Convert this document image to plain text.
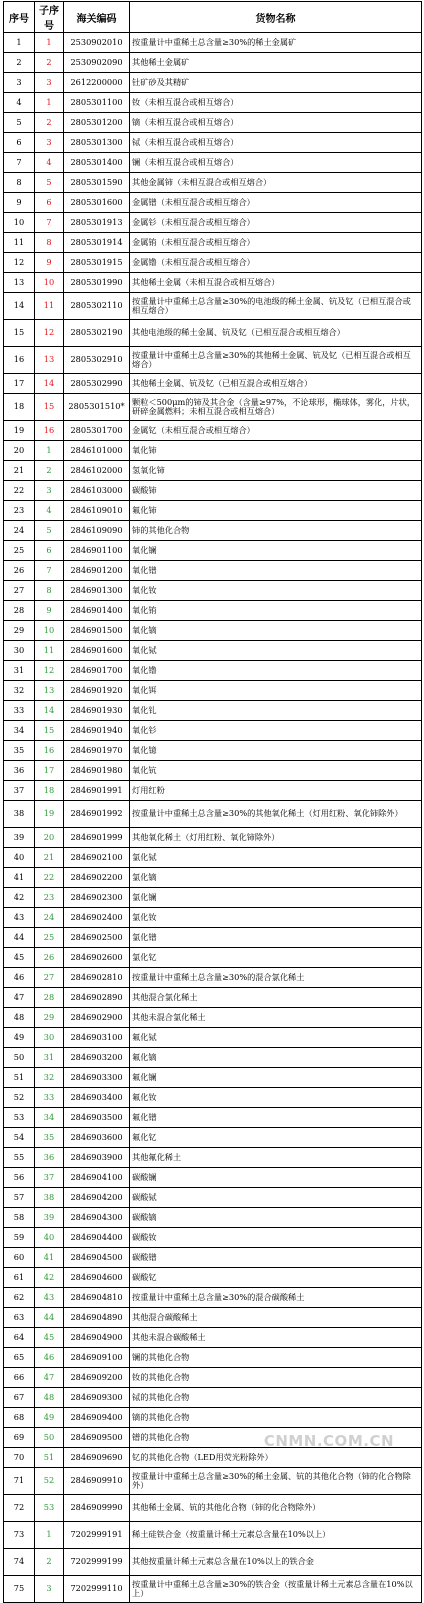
序号	子序号	海关编码	货物名称
1	1	2530902010	按重量计中重稀土总含量≥30%的稀土金属矿
2	2	2530902090	其他稀土金属矿
3	3	2612200000	钍矿砂及其精矿
4	1	2805301100	钕（未相互混合或相互熔合）
5	2	2805301200	镝（未相互混合或相互熔合）
6	3	2805301300	铽（未相互混合或相互熔合）
7	4	2805301400	镧（未相互混合或相互熔合）
8	5	2805301590	其他金属铈（未相互混合或相互熔合）
9	6	2805301600	金属镨（未相互混合或相互熔合）
10	7	2805301913	金属钐（未相互混合或相互熔合）
11	8	2805301914	金属铕（未相互混合或相互熔合）
12	9	2805301915	金属镥（未相互混合或相互熔合）
13	10	2805301990	其他稀土金属（未相互混合或相互熔合）
14	11	2805302110	按重量计中重稀土总含量≥30%的电池级的稀土金属、钪及钇（已相互混合或相互熔合）
15	12	2805302190	其他电池级的稀土金属、钪及钇（已相互混合或相互熔合）
16	13	2805302910	按重量计中重稀土总含量≥30%的其他稀土金属、钪及钇（已相互混合或相互熔合）
17	14	2805302990	其他稀土金属、钪及钇（已相互混合或相互熔合）
18	15	2805301510*	颗粒＜500μm的铈及其合金（含量≥97%，不论球形，椭球体，雾化，片状，研碎金属燃料；未相互混合或相互熔合）
19	16	2805301700	金属钇（未相互混合或相互熔合）
20	1	2846101000	氧化铈
21	2	2846102000	氢氧化铈
22	3	2846103000	碳酸铈
23	4	2846109010	氟化铈
24	5	2846109090	铈的其他化合物
25	6	2846901100	氧化镧
26	7	2846901200	氧化镨
27	8	2846901300	氧化钕
28	9	2846901400	氧化铕
29	10	2846901500	氧化镝
30	11	2846901600	氧化铽
31	12	2846901700	氧化镥
32	13	2846901920	氧化铒
33	14	2846901930	氧化钆
34	15	2846901940	氧化钐
35	16	2846901970	氧化镱
36	17	2846901980	氧化钪
37	18	2846901991	灯用红粉
38	19	2846901992	按重量计中重稀土总含量≥30%的其他氧化稀土（灯用红粉、氧化铈除外）
39	20	2846901999	其他氧化稀土（灯用红粉、氧化铈除外）
40	21	2846902100	氯化铽
41	22	2846902200	氯化镝
42	23	2846902300	氯化镧
43	24	2846902400	氯化钕
44	25	2846902500	氯化镨
45	26	2846902600	氯化钇
46	27	2846902810	按重量计中重稀土总含量≥30%的混合氯化稀土
47	28	2846902890	其他混合氯化稀土
48	29	2846902900	其他未混合氯化稀土
49	30	2846903100	氟化铽
50	31	2846903200	氟化镝
51	32	2846903300	氟化镧
52	33	2846903400	氟化钕
53	34	2846903500	氟化镨
54	35	2846903600	氟化钇
55	36	2846903900	其他氟化稀土
56	37	2846904100	碳酸镧
57	38	2846904200	碳酸铽
58	39	2846904300	碳酸镝
59	40	2846904400	碳酸钕
60	41	2846904500	碳酸镨
61	42	2846904600	碳酸钇
62	43	2846904810	按重量计中重稀土总含量≥30%的混合碳酸稀土
63	44	2846904890	其他混合碳酸稀土
64	45	2846904900	其他未混合碳酸稀土
65	46	2846909100	镧的其他化合物
66	47	2846909200	钕的其他化合物
67	48	2846909300	铽的其他化合物
68	49	2846909400	镝的其他化合物
69	50	2846909500	镨的其他化合物
70	51	2846909690	钇的其他化合物（LED用荧光粉除外）
71	52	2846909910	按重量计中重稀土总含量≥30%的稀土金属、钪的其他化合物（铈的化合物除外）
72	53	2846909990	其他稀土金属、钪的其他化合物（铈的化合物除外）
73	1	7202999191	稀土硅铁合金（按重量计稀土元素总含量在10%以上）
74	2	7202999199	其他按重量计稀土元素总含量在10%以上的铁合金
75	3	7202999110	按重量计中重稀土总含量≥30%的铁合金（按重量计稀土元素总含量在10%以上）
CNMN.COM.CN
